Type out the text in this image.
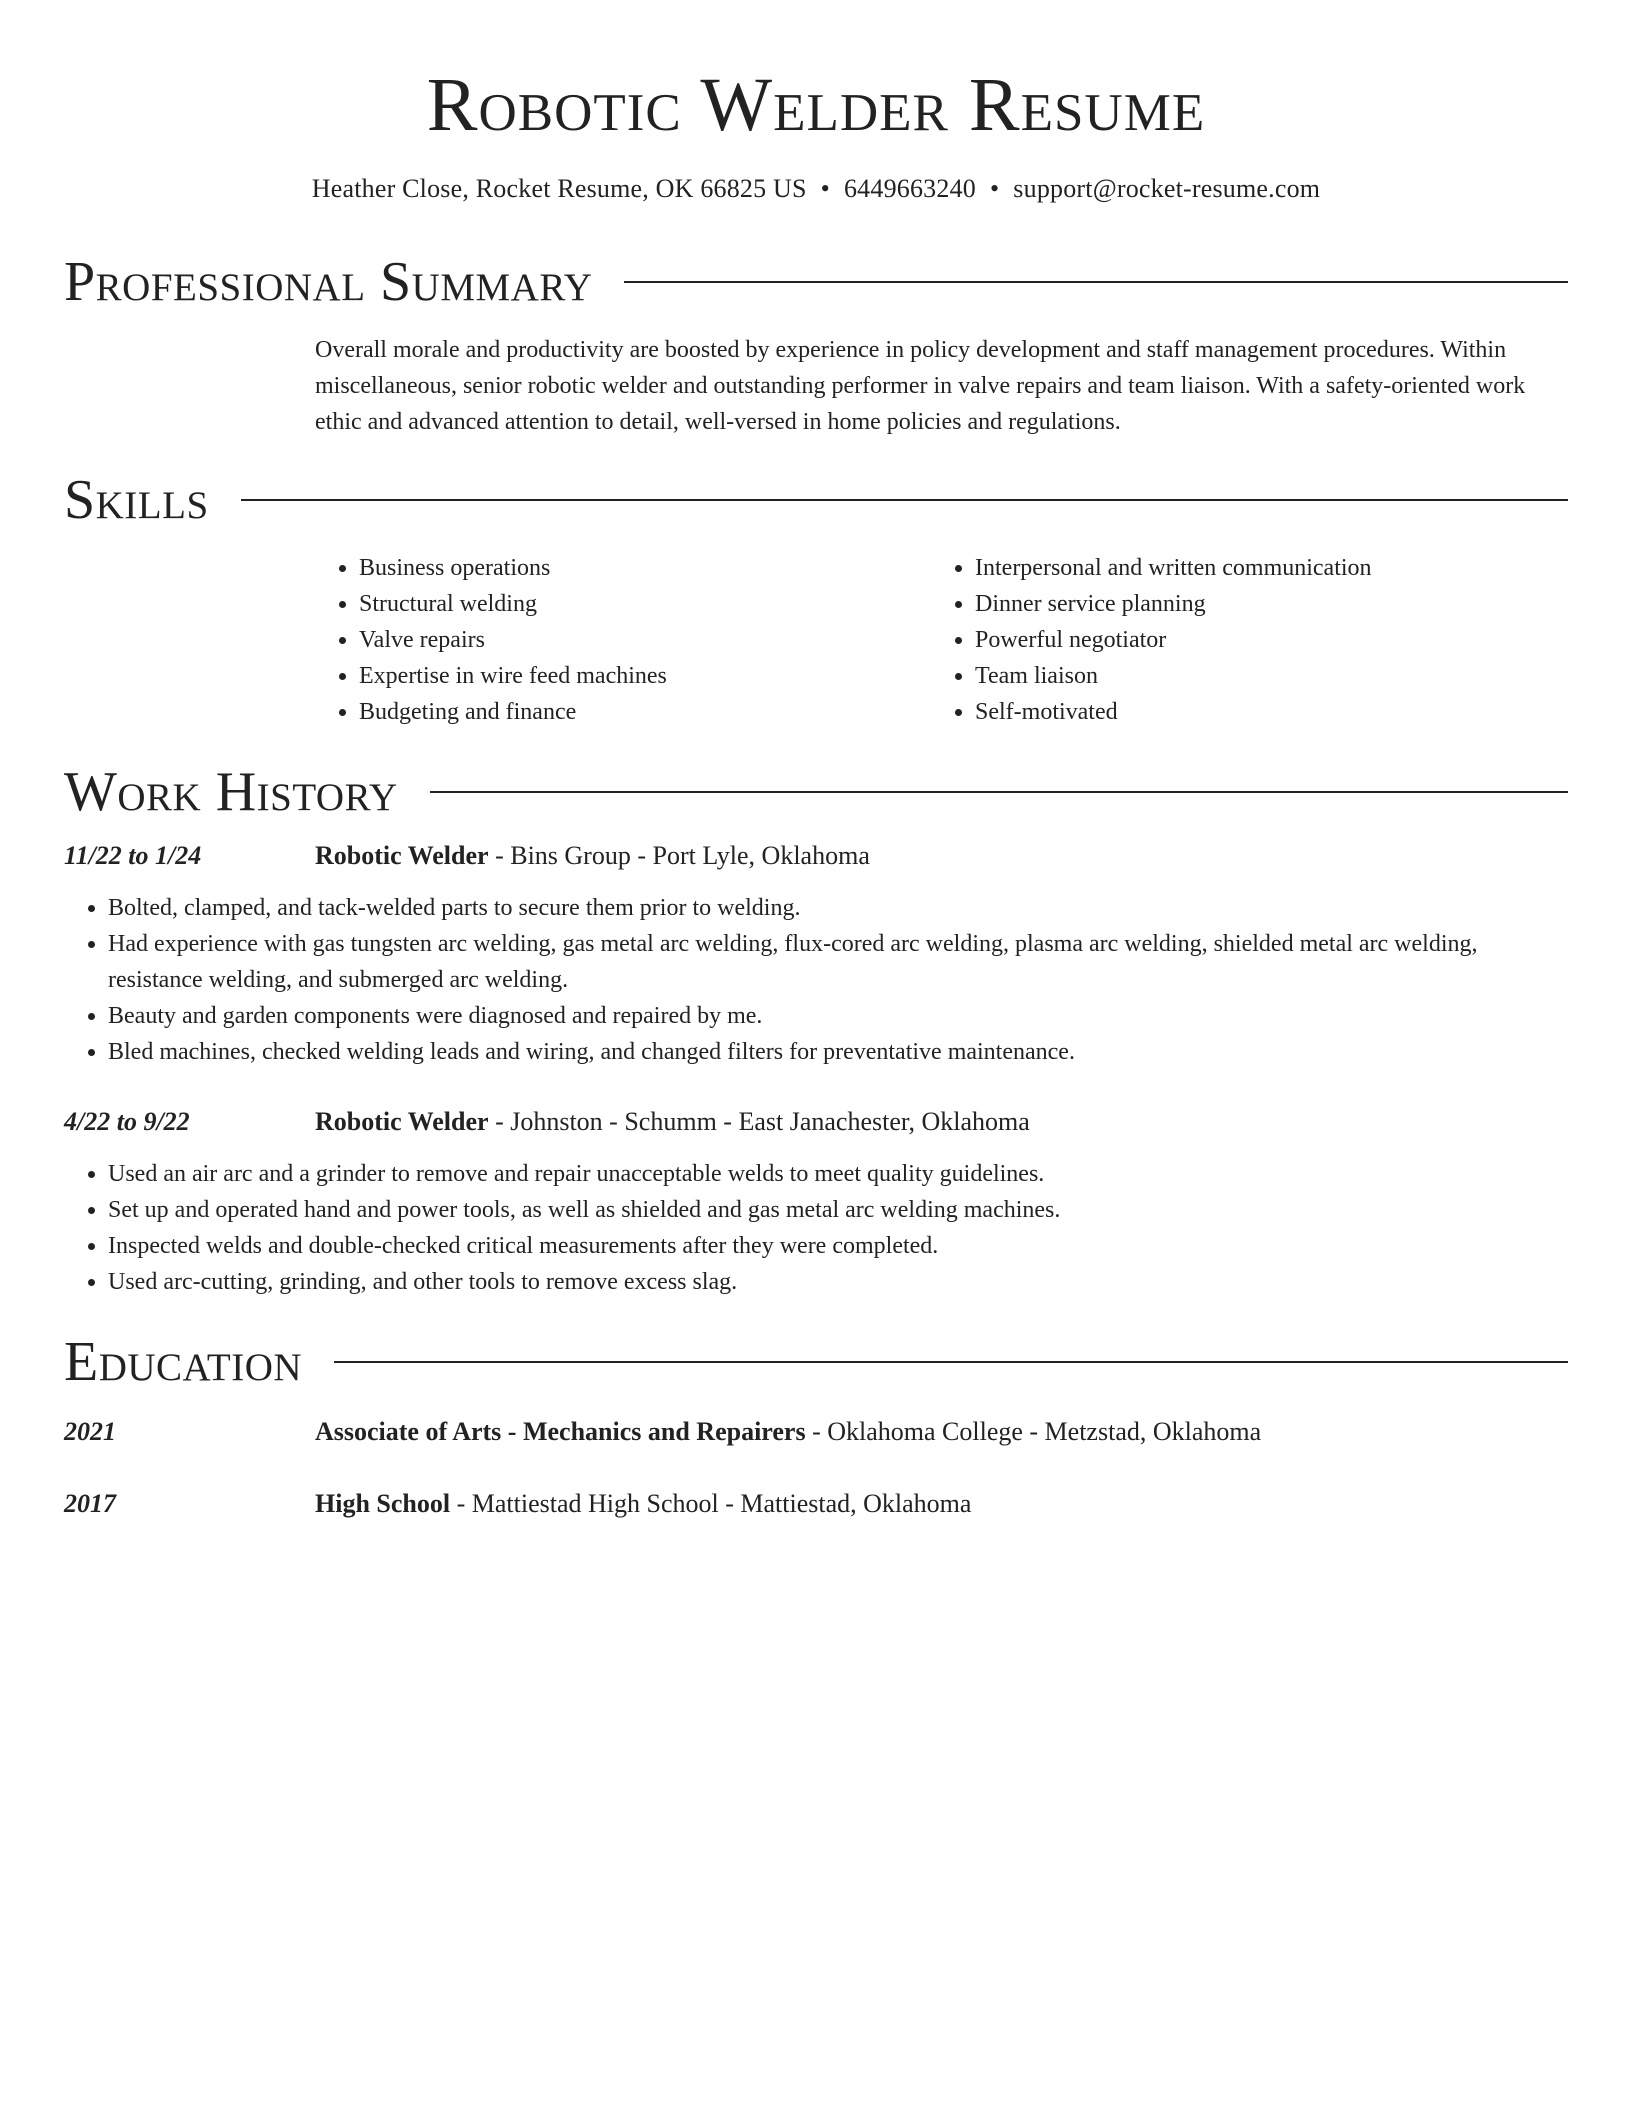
Robotic Welder Resume
Heather Close, Rocket Resume, OK 66825 US • 6449663240 • support@rocket-resume.com
Professional Summary
Overall morale and productivity are boosted by experience in policy development and staff management procedures. Within miscellaneous, senior robotic welder and outstanding performer in valve repairs and team liaison. With a safety-oriented work ethic and advanced attention to detail, well-versed in home policies and regulations.
Skills
• Business operations
• Structural welding
• Valve repairs
• Expertise in wire feed machines
• Budgeting and finance
• Interpersonal and written communication
• Dinner service planning
• Powerful negotiator
• Team liaison
• Self-motivated
Work History
11/22 to 1/24	Robotic Welder - Bins Group - Port Lyle, Oklahoma
• Bolted, clamped, and tack-welded parts to secure them prior to welding.
• Had experience with gas tungsten arc welding, gas metal arc welding, flux-cored arc welding, plasma arc welding, shielded metal arc welding, resistance welding, and submerged arc welding.
• Beauty and garden components were diagnosed and repaired by me.
• Bled machines, checked welding leads and wiring, and changed filters for preventative maintenance.
4/22 to 9/22	Robotic Welder - Johnston - Schumm - East Janachester, Oklahoma
• Used an air arc and a grinder to remove and repair unacceptable welds to meet quality guidelines.
• Set up and operated hand and power tools, as well as shielded and gas metal arc welding machines.
• Inspected welds and double-checked critical measurements after they were completed.
• Used arc-cutting, grinding, and other tools to remove excess slag.
Education
2021	Associate of Arts - Mechanics and Repairers - Oklahoma College - Metzstad, Oklahoma
2017	High School - Mattiestad High School - Mattiestad, Oklahoma
